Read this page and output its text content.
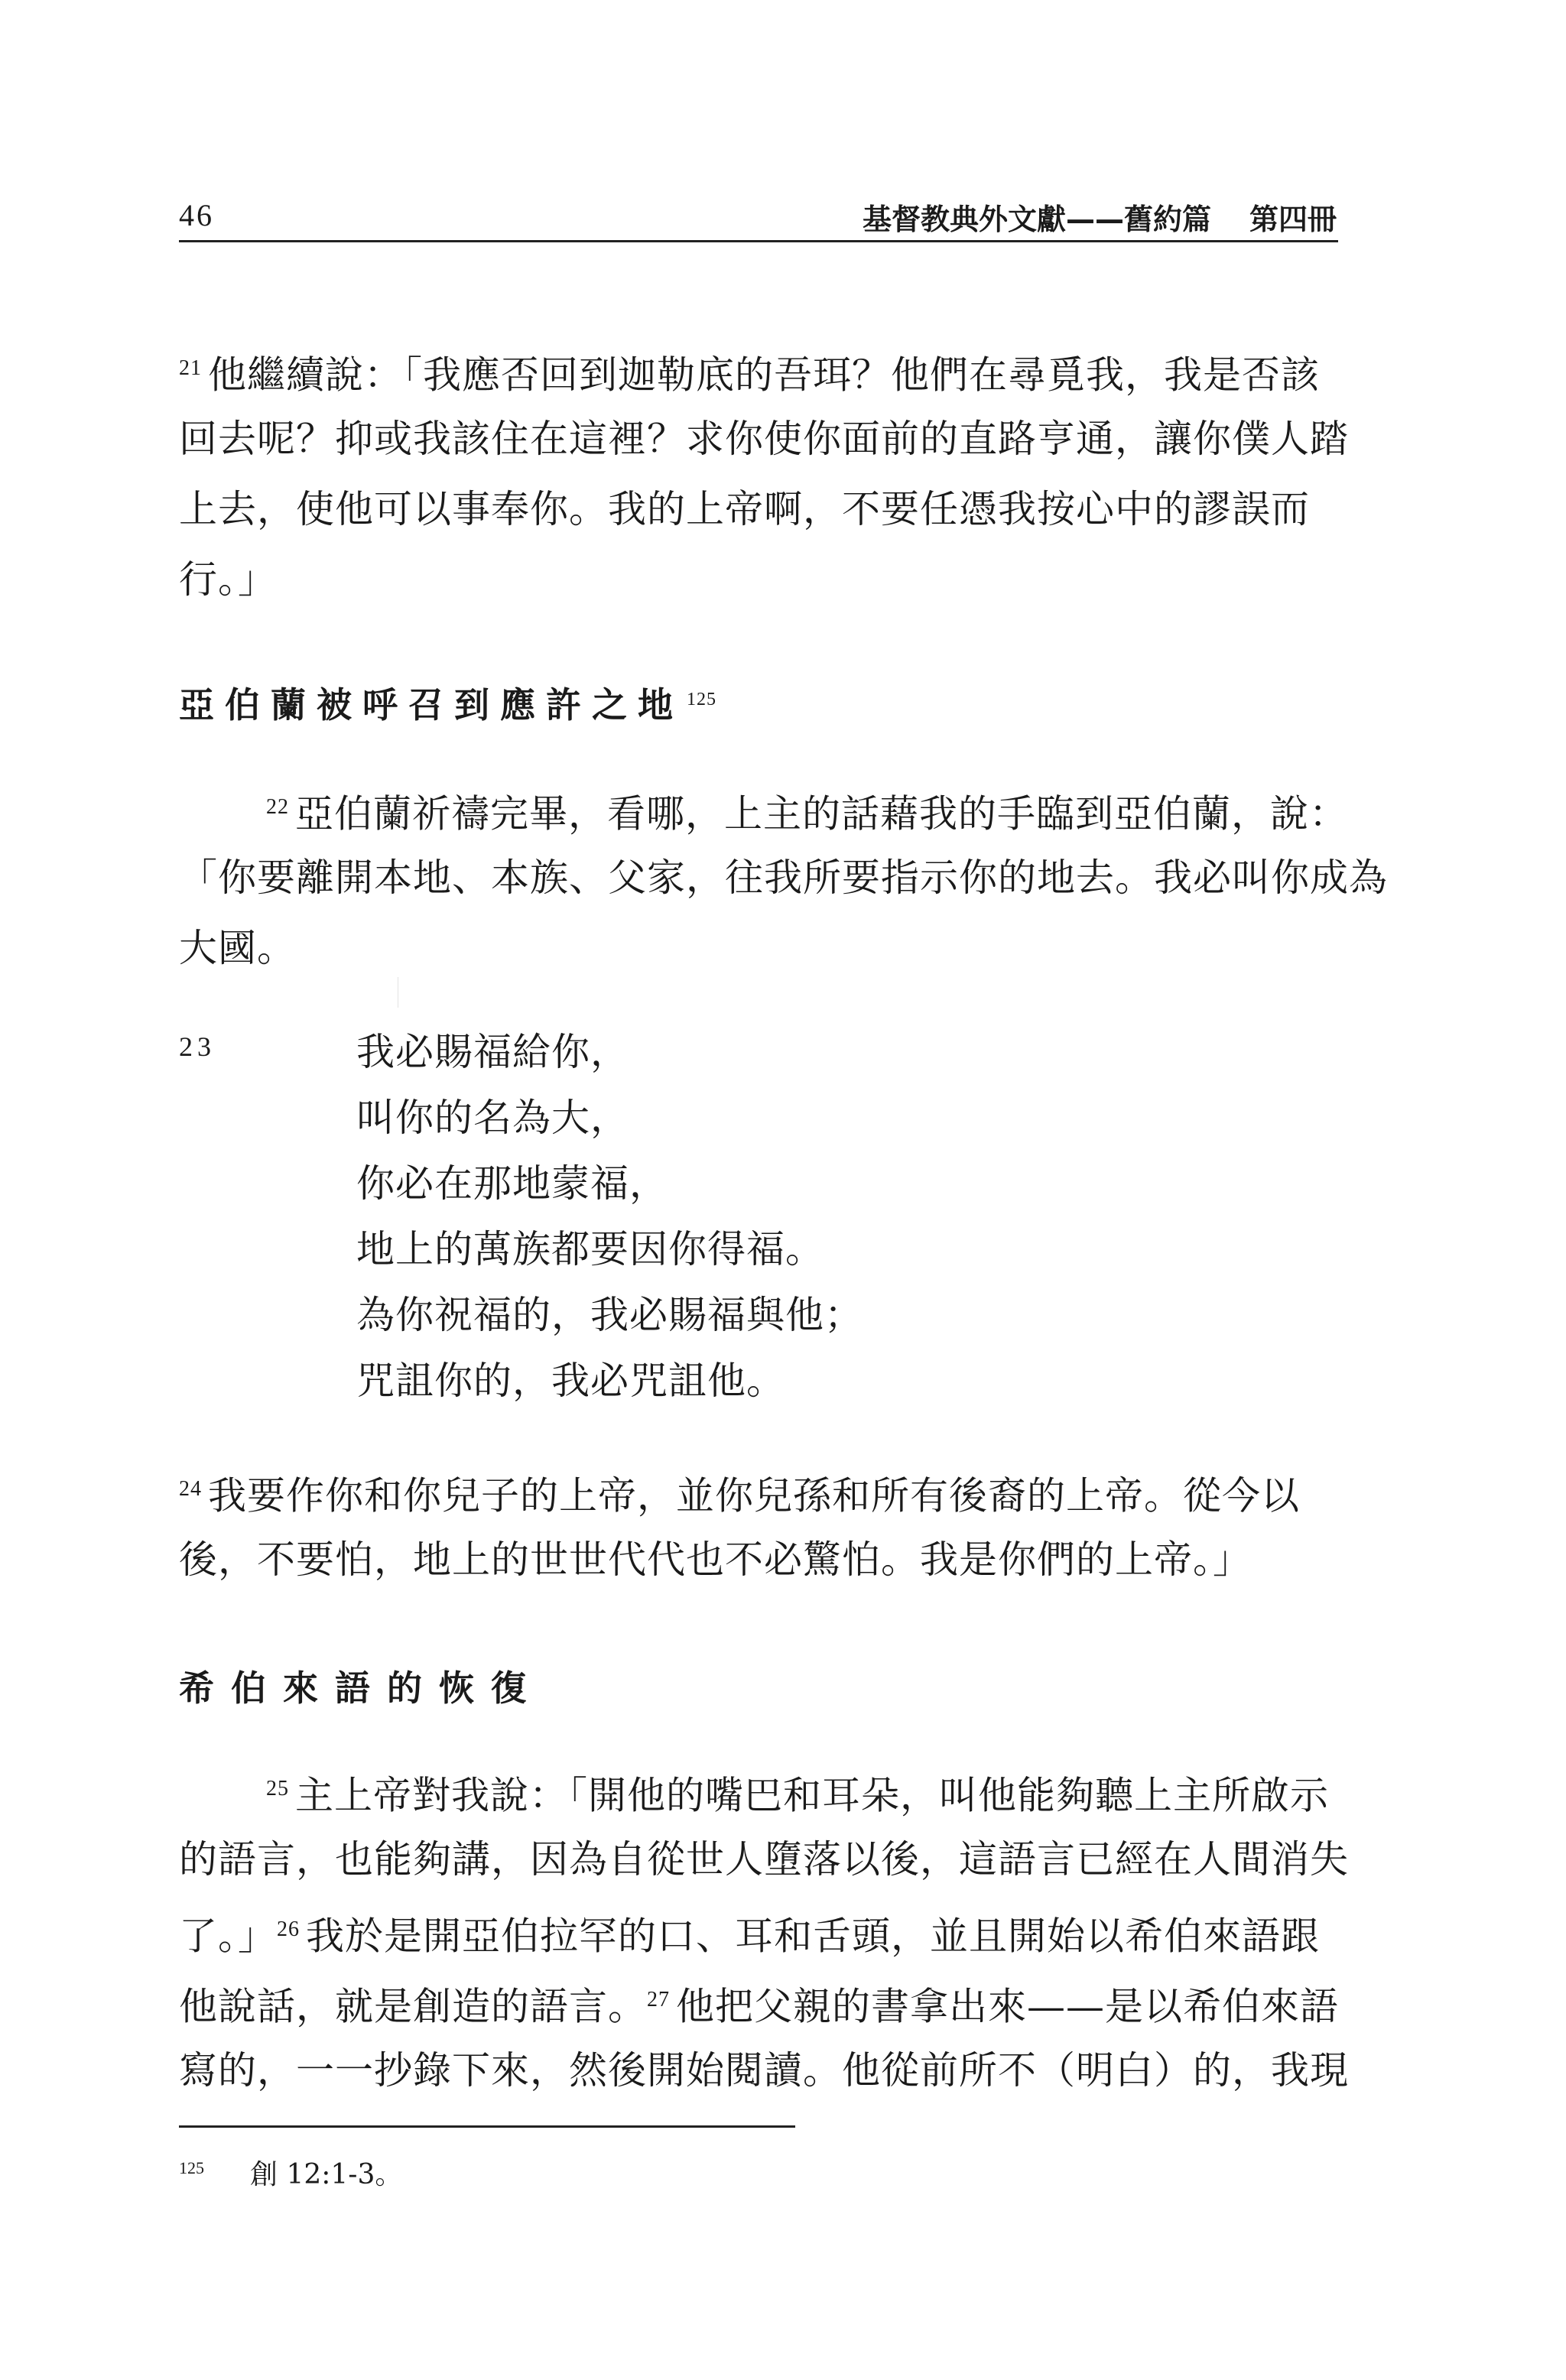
46	基督教典外文獻——舊約篇 第四冊
$^{21}$ 他繼續說：「我應否回到迦勒底的吾珥？他們在尋覓我，我是否該
回去呢？抑或我該住在這裡？求你使你面前的直路亨通，讓你僕人踏
上去，使他可以事奉你。我的上帝啊，不要任憑我按心中的謬誤而
行。」
亞伯蘭被呼召到應許之地 $^{125}$
$^{22}$ 亞伯蘭祈禱完畢，看哪，上主的話藉我的手臨到亞伯蘭，說：
「你要離開本地、本族、父家，往我所要指示你的地去。我必叫你成為
大國。
23	我必賜福給你，
叫你的名為大，
你必在那地蒙福，
地上的萬族都要因你得福。
為你祝福的，我必賜福與他；
咒詛你的，我必咒詛他。
$^{24}$ 我要作你和你兒子的上帝，並你兒孫和所有後裔的上帝。從今以
後，不要怕，地上的世世代代也不必驚怕。我是你們的上帝。」
希伯來語的恢復
$^{25}$ 主上帝對我說：「開他的嘴巴和耳朵，叫他能夠聽上主所啟示
的語言，也能夠講，因為自從世人墮落以後，這語言已經在人間消失
了。」$^{26}$ 我於是開亞伯拉罕的口、耳和舌頭，並且開始以希伯來語跟
他說話，就是創造的語言。$^{27}$ 他把父親的書拿出來——是以希伯來語
寫的，一一抄錄下來，然後開始閱讀。他從前所不（明白）的，我現
$^{125}$ 創 12:1-3。
